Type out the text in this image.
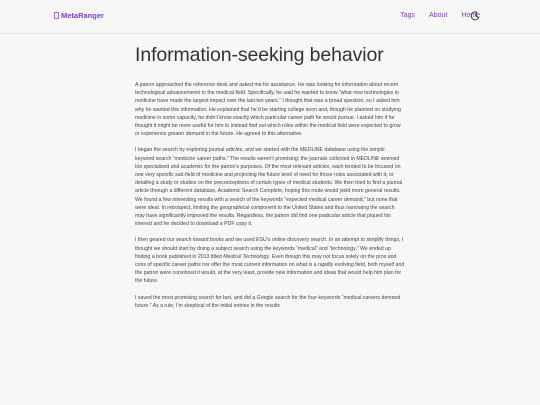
MetaRanger	Tags About Home
Information-seeking behavior

A patron approached the reference desk and asked me for assistance. He was looking for information about recent technological advancements in the medical field. Specifically, he said he wanted to know “what new technologies in medicine have made the largest impact over the last ten years.” I thought that was a broad question, so I asked him why he wanted this information. He explained that he’d be starting college soon and, though he planned on studying medicine in some capacity, he didn’t know exactly which particular career path he would pursue. I asked him if he thought it might be more useful for him to instead find out which roles within the medical field were expected to grow or experience greater demand in the future. He agreed to this alternative.

I began the search by exploring journal articles, and we started with the MEDLINE database using the simple keyword search “medicine career paths.” The results weren’t promising; the journals collected in MEDLINE seemed too specialized and academic for the patron’s purposes. Of the most relevant articles, each tended to be focused on one very specific sub-field of medicine and projecting the future level of need for those roles associated with it, or detailing a study or studies on the preconceptions of certain types of medical students. We then tried to find a journal article through a different database, Academic Search Complete, hoping this route would yield more general results. We found a few interesting results with a search of the keywords “expected medical career demand,” but none that were ideal. In retrospect, limiting the geographical component to the United States and thus narrowing the search may have significantly improved the results. Regardless, the patron did find one particular article that piqued his interest and he decided to download a PDF copy it.

I then geared our search toward books and we used ESU’s online discovery search. In an attempt to simplify things, I thought we should start by doing a subject search using the keywords “medical” and “technology.” We ended up finding a book published in 2013 titled Medical Technology. Even though this may not focus solely on the pros and cons of specific career paths nor offer the most current information on what is a rapidly evolving field, both myself and the patron were convinced it would, at the very least, provide new information and ideas that would help him plan for the future.

I saved the most promising search for last, and did a Google search for the four keywords “medical careers demand future.” As a rule, I’m skeptical of the initial entries in the results
